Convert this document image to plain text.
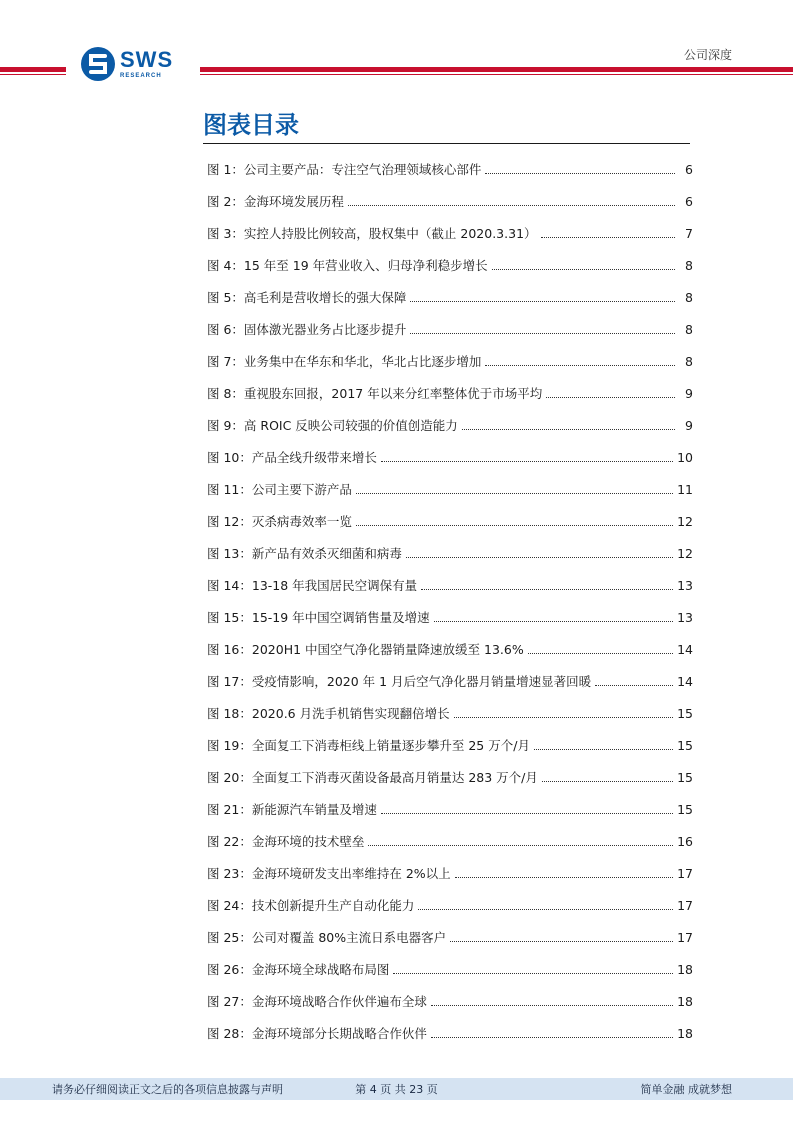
SWS
RESEARCH
公司深度
图表目录
图 1：公司主要产品：专注空气治理领域核心部件	6
图 2：金海环境发展历程	6
图 3：实控人持股比例较高，股权集中（截止 2020.3.31）	7
图 4：15 年至 19 年营业收入、归母净利稳步增长	8
图 5：高毛利是营收增长的强大保障	8
图 6：固体激光器业务占比逐步提升	8
图 7：业务集中在华东和华北，华北占比逐步增加	8
图 8：重视股东回报，2017 年以来分红率整体优于市场平均	9
图 9：高 ROIC 反映公司较强的价值创造能力	9
图 10：产品全线升级带来增长	10
图 11：公司主要下游产品	11
图 12：灭杀病毒效率一览	12
图 13：新产品有效杀灭细菌和病毒	12
图 14：13-18 年我国居民空调保有量	13
图 15：15-19 年中国空调销售量及增速	13
图 16：2020H1 中国空气净化器销量降速放缓至 13.6%	14
图 17：受疫情影响，2020 年 1 月后空气净化器月销量增速显著回暖	14
图 18：2020.6 月洗手机销售实现翻倍增长	15
图 19：全面复工下消毒柜线上销量逐步攀升至 25 万个/月	15
图 20：全面复工下消毒灭菌设备最高月销量达 283 万个/月	15
图 21：新能源汽车销量及增速	15
图 22：金海环境的技术壁垒	16
图 23：金海环境研发支出率维持在 2%以上	17
图 24：技术创新提升生产自动化能力	17
图 25：公司对覆盖 80%主流日系电器客户	17
图 26：金海环境全球战略布局图	18
图 27：金海环境战略合作伙伴遍布全球	18
图 28：金海环境部分长期战略合作伙伴	18
请务必仔细阅读正文之后的各项信息披露与声明	第 4 页 共 23 页	简单金融 成就梦想
